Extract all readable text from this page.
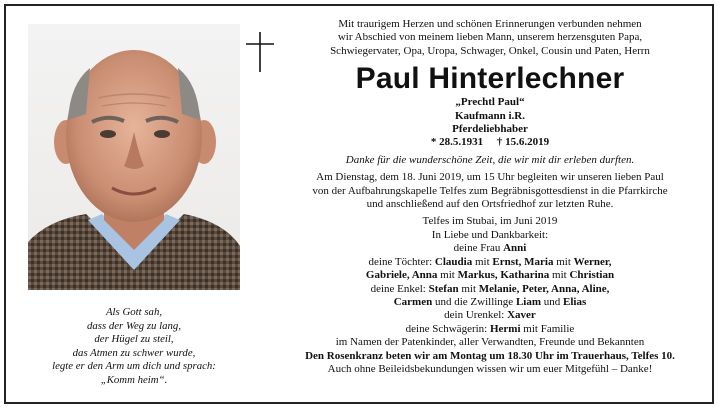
Als Gott sah,
dass der Weg zu lang,
der Hügel zu steil,
das Atmen zu schwer wurde,
legte er den Arm um dich und sprach:
„Komm heim“.
Mit traurigem Herzen und schönen Erinnerungen verbunden nehmen
wir Abschied von meinem lieben Mann, unserem herzensguten Papa,
Schwiegervater, Opa, Uropa, Schwager, Onkel, Cousin und Paten, Herrn
Paul Hinterlechner
„Prechtl Paul“
Kaufmann i.R.
Pferdeliebhaber
* 28.5.1931 † 15.6.2019
Danke für die wunderschöne Zeit, die wir mit dir erleben durften.
Am Dienstag, dem 18. Juni 2019, um 15 Uhr begleiten wir unseren lieben Paul
von der Aufbahrungskapelle Telfes zum Begräbnisgottesdienst in die Pfarrkirche
und anschließend auf den Ortsfriedhof zur letzten Ruhe.
Telfes im Stubai, im Juni 2019
In Liebe und Dankbarkeit:
deine Frau Anni
deine Töchter: Claudia mit Ernst, Maria mit Werner,
Gabriele, Anna mit Markus, Katharina mit Christian
deine Enkel: Stefan mit Melanie, Peter, Anna, Aline,
Carmen und die Zwillinge Liam und Elias
dein Urenkel: Xaver
deine Schwägerin: Hermi mit Familie
im Namen der Patenkinder, aller Verwandten, Freunde und Bekannten
Den Rosenkranz beten wir am Montag um 18.30 Uhr im Trauerhaus, Telfes 10.
Auch ohne Beileidsbekundungen wissen wir um euer Mitgefühl – Danke!
